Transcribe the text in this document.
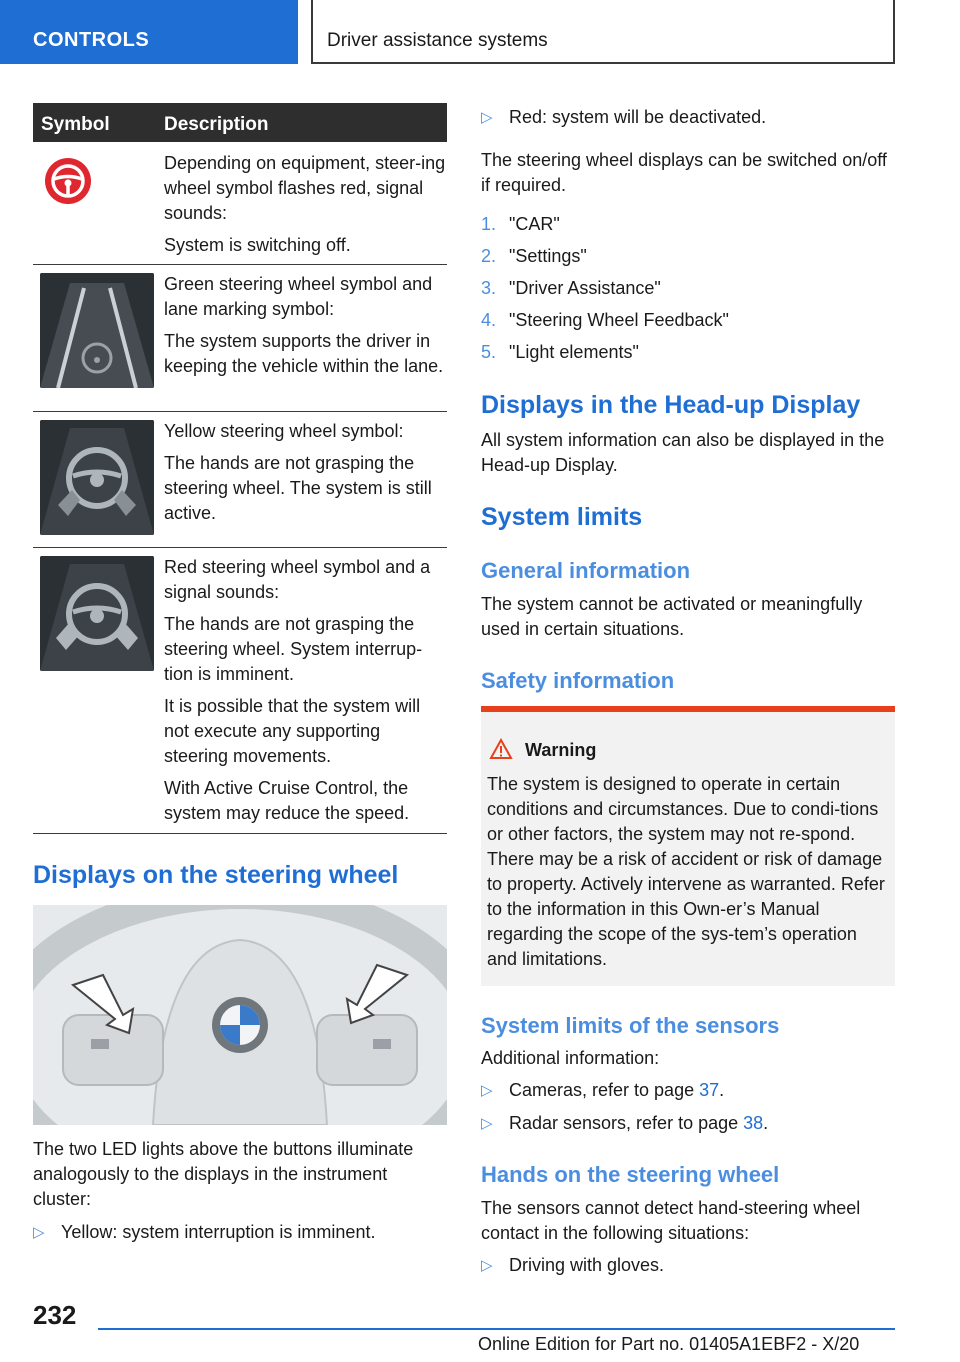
CONTROLS	Driver assistance systems
Symbol	Description

Depending on equipment, steer-ing wheel symbol flashes red, signal sounds:

System is switching off.

Green steering wheel symbol and lane marking symbol:

The system supports the driver in keeping the vehicle within the lane.

Yellow steering wheel symbol:

The hands are not grasping the steering wheel. The system is still active.

Red steering wheel symbol and a signal sounds:

The hands are not grasping the steering wheel. System interrup-tion is imminent.

It is possible that the system will not execute any supporting steering movements.

With Active Cruise Control, the system may reduce the speed.

Displays on the steering wheel
The two LED lights above the buttons illuminate analogously to the displays in the instrument cluster:
▷ Yellow: system interruption is imminent.
▷ Red: system will be deactivated.
The steering wheel displays can be switched on/off if required.
1. "CAR"
2. "Settings"
3. "Driver Assistance"
4. "Steering Wheel Feedback"
5. "Light elements"
Displays in the Head-up Display
All system information can also be displayed in the Head-up Display.
System limits
General information
The system cannot be activated or meaningfully used in certain situations.
Safety information
Warning
The system is designed to operate in certain conditions and circumstances. Due to condi-tions or other factors, the system may not re-spond. There may be a risk of accident or risk of damage to property. Actively intervene as warranted. Refer to the information in this Own-er’s Manual regarding the scope of the sys-tem’s operation and limitations.
System limits of the sensors
Additional information:
▷ Cameras, refer to page 37.
▷ Radar sensors, refer to page 38.
Hands on the steering wheel
The sensors cannot detect hand-steering wheel contact in the following situations:
▷ Driving with gloves.
232
Online Edition for Part no. 01405A1EBF2 - X/20
